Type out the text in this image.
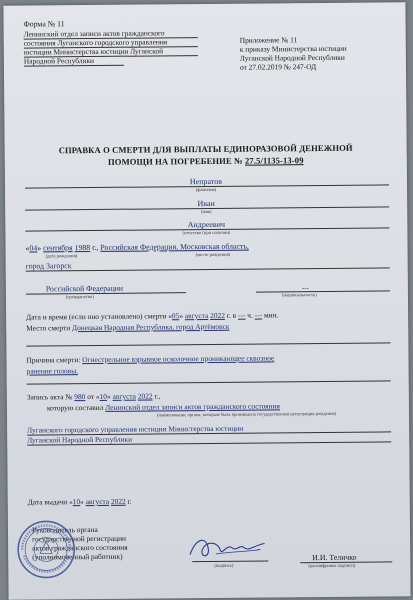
Форма № 11
Ленинский отдел записи актов гражданского
состояния Луганского городского управления
юстиции Министерства юстиции Луганской
Народной Республики
Приложение № 11
к приказу Министерства юстиции
Луганской Народной Республики
от 27.02.2019 № 247-ОД
СПРАВКА О СМЕРТИ ДЛЯ ВЫПЛАТЫ ЕДИНОРАЗОВОЙ ДЕНЕЖНОЙ
ПОМОЩИ НА ПОГРЕБЕНИЕ № 27.5/1135-13-09
Непратов
(фамилия)
Иван
(имя)
Андреевич
(отчество (при наличии)
«04» сентября 1988 г., Российская Федерация, Московская область,
(дата рождения)	(место рождения)
город Загорск
Российской Федерации
(гражданство)
---
(национальность)
Дата и время (если оно установлено) смерти «05» августа 2022 г. в --- ч. --- мин.
Место смерти Донецкая Народная Республика, город Артёмовск
Причина смерти: Огнестрельное взрывное осколочное проникающее сквозное
ранение головы.
Запись акта № 980 от «10» августа 2022 г.,
которую составил Ленинский отдел записи актов гражданского состояния
(наименование органа, которым была произведена государственная регистрация рождения)
Луганского городского управления юстиции Министерства юстиции
Луганской Народной Республики
Дата выдачи «10» августа 2022 г.
Руководитель органа
государственной регистрации
актов гражданского состояния
(уполномоченный работник)
(подпись)
И.И. Теличко
(расшифровка подписи)
